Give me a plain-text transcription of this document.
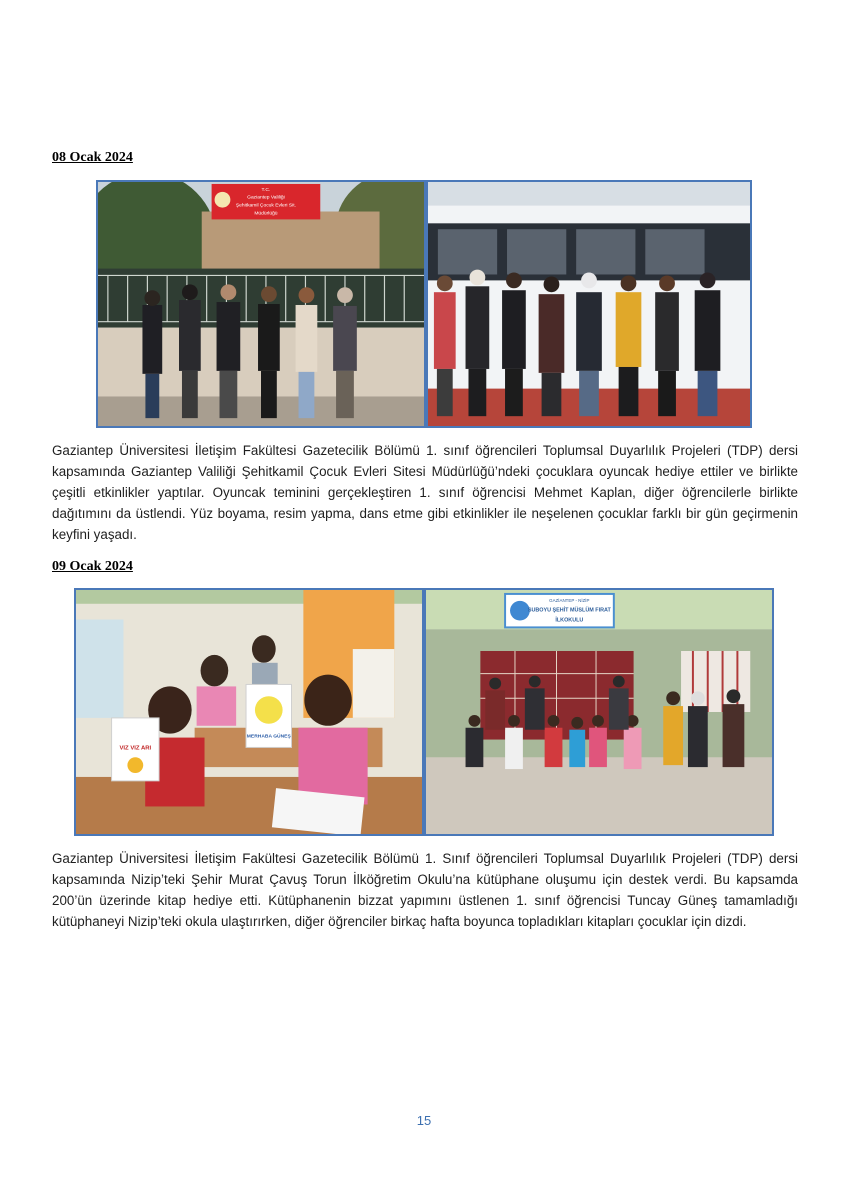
08 Ocak 2024
T.C.
Gaziantep Valiliği
Şehitkamil Çocuk Evleri Sit.
Müdürlüğü
Gaziantep Üniversitesi İletişim Fakültesi Gazetecilik Bölümü 1. sınıf öğrencileri Toplumsal Duyarlılık Projeleri (TDP) dersi kapsamında Gaziantep Valiliği Şehitkamil Çocuk Evleri Sitesi Müdürlüğü’ndeki çocuklara oyuncak hediye ettiler ve birlikte çeşitli etkinlikler yaptılar. Oyuncak teminini gerçekleştiren 1. sınıf öğrencisi Mehmet Kaplan, diğer öğrencilerle birlikte dağıtımını da üstlendi. Yüz boyama, resim yapma, dans etme gibi etkinlikler ile neşelenen çocuklar farklı bir gün geçirmenin keyfini yaşadı.
09 Ocak 2024
VIZ VIZ ARI
MERHABA GÜNEŞ
GAZİANTEP - NİZİP
SUBOYU ŞEHİT MÜSLÜM FIRAT
İLKOKULU
Gaziantep Üniversitesi İletişim Fakültesi Gazetecilik Bölümü 1. Sınıf öğrencileri Toplumsal Duyarlılık Projeleri (TDP) dersi kapsamında Nizip’teki Şehir Murat Çavuş Torun İlköğretim Okulu’na kütüphane oluşumu için destek verdi. Bu kapsamda 200’ün üzerinde kitap hediye etti. Kütüphanenin bizzat yapımını üstlenen 1. sınıf öğrencisi Tuncay Güneş tamamladığı kütüphaneyi Nizip’teki okula ulaştırırken, diğer öğrenciler birkaç hafta boyunca topladıkları kitapları çocuklar için dizdi.
15
